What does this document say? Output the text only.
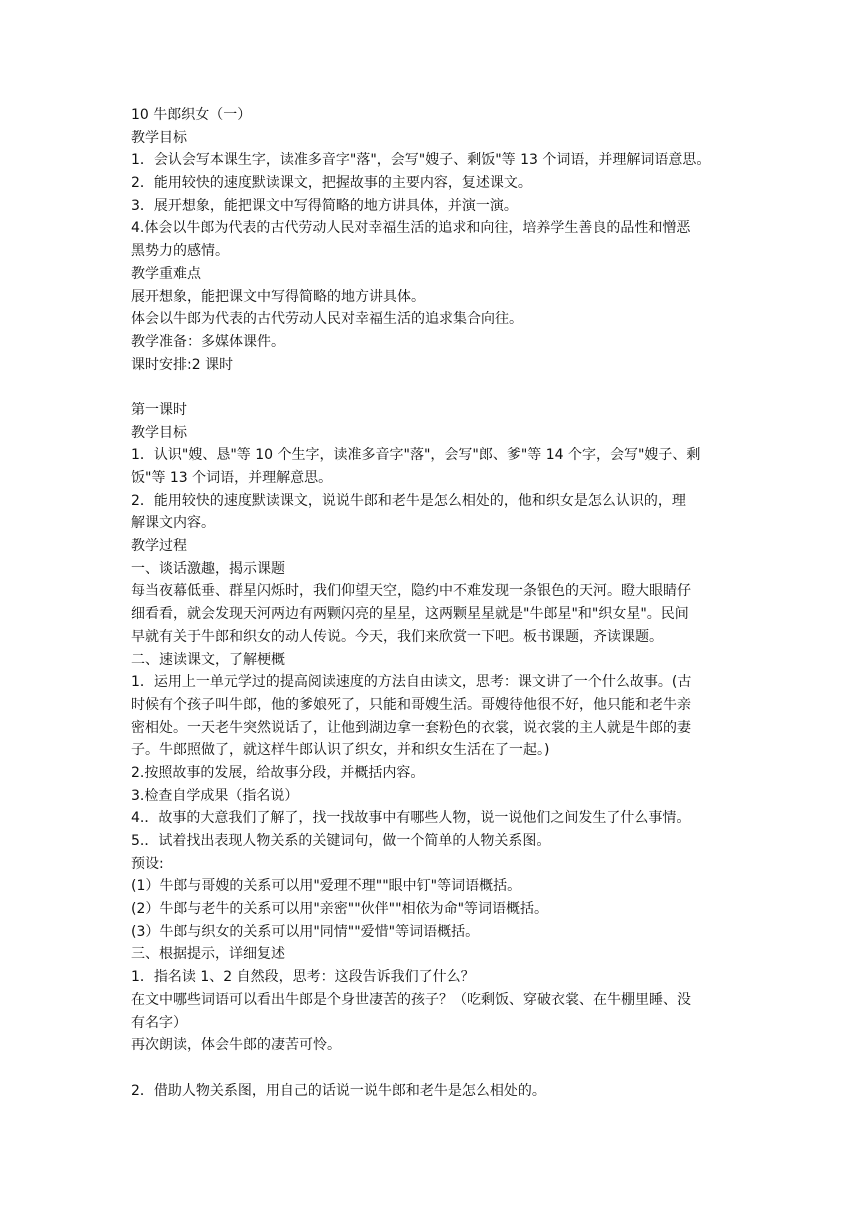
10 牛郎织女（一）
教学目标
1．会认会写本课生字，读准多音字"落"，会写"嫂子、剩饭"等 13 个词语，并理解词语意思。
2．能用较快的速度默读课文，把握故事的主要内容，复述课文。
3．展开想象，能把课文中写得简略的地方讲具体，并演一演。
4.体会以牛郎为代表的古代劳动人民对幸福生活的追求和向往，培养学生善良的品性和憎恶
黑势力的感情。
教学重难点
展开想象，能把课文中写得简略的地方讲具体。
体会以牛郎为代表的古代劳动人民对幸福生活的追求集合向往。
教学准备：多媒体课件。
课时安排:2 课时
第一课时
教学目标
1．认识"嫂、恳"等 10 个生字，读准多音字"落"，会写"郎、爹"等 14 个字，会写"嫂子、剩
饭"等 13 个词语，并理解意思。
2．能用较快的速度默读课文，说说牛郎和老牛是怎么相处的，他和织女是怎么认识的，理
解课文内容。
教学过程
一、谈话激趣，揭示课题
每当夜幕低垂、群星闪烁时，我们仰望天空，隐约中不难发现一条银色的天河。瞪大眼睛仔
细看看，就会发现天河两边有两颗闪亮的星星，这两颗星星就是"牛郎星"和"织女星"。民间
早就有关于牛郎和织女的动人传说。今天，我们来欣赏一下吧。板书课题，齐读课题。
二、速读课文，了解梗概
1．运用上一单元学过的提高阅读速度的方法自由读文，思考：课文讲了一个什么故事。(古
时候有个孩子叫牛郎，他的爹娘死了，只能和哥嫂生活。哥嫂待他很不好，他只能和老牛亲
密相处。一天老牛突然说话了，让他到湖边拿一套粉色的衣裳，说衣裳的主人就是牛郎的妻
子。牛郎照做了，就这样牛郎认识了织女，并和织女生活在了一起。)
2.按照故事的发展，给故事分段，并概括内容。
3.检查自学成果（指名说）
4.．故事的大意我们了解了，找一找故事中有哪些人物，说一说他们之间发生了什么事情。
5.．试着找出表现人物关系的关键词句，做一个简单的人物关系图。
预设:
(1）牛郎与哥嫂的关系可以用"爱理不理""眼中钉"等词语概括。
(2）牛郎与老牛的关系可以用"亲密""伙伴""相依为命"等词语概括。
(3）牛郎与织女的关系可以用"同情""爱惜"等词语概括。
三、根据提示，详细复述
1．指名读 1、2 自然段，思考：这段告诉我们了什么？
在文中哪些词语可以看出牛郎是个身世凄苦的孩子？（吃剩饭、穿破衣裳、在牛棚里睡、没
有名字）
再次朗读，体会牛郎的凄苦可怜。
2．借助人物关系图，用自己的话说一说牛郎和老牛是怎么相处的。
